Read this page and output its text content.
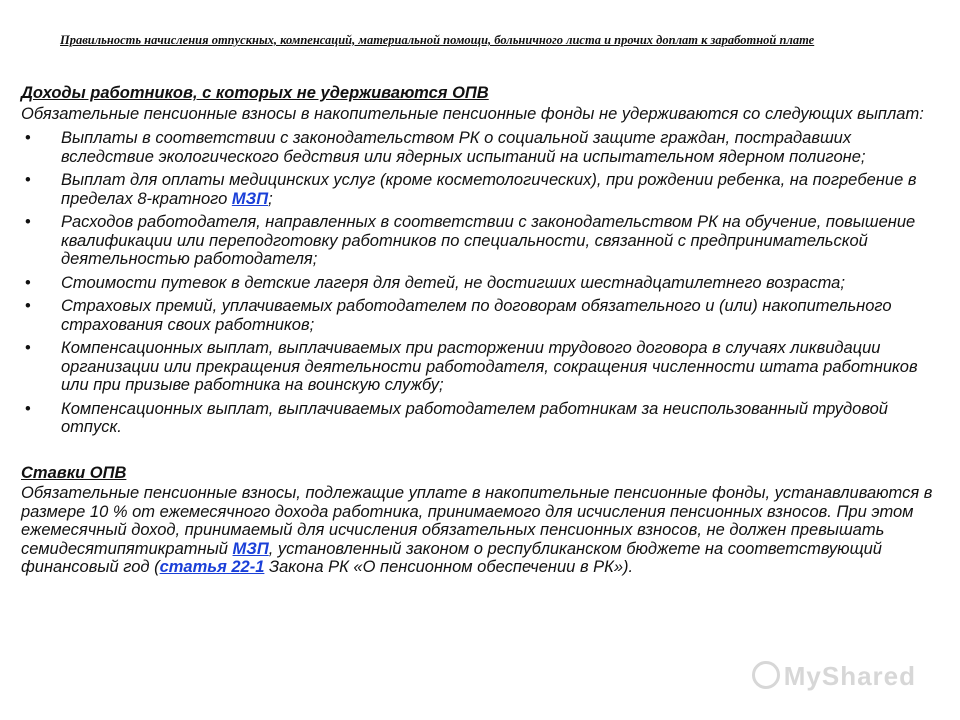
Правильность начисления отпускных, компенсаций, материальной помощи, больничного листа и прочих доплат к заработной плате
Доходы работников, с которых не удерживаются ОПВ

Обязательные пенсионные взносы в накопительные пенсионные фонды не удерживаются со следующих выплат:

• Выплаты в соответствии с законодательством РК о социальной защите граждан, пострадавших вследствие экологического бедствия или ядерных испытаний на испытательном ядерном полигоне;
• Выплат для оплаты медицинских услуг (кроме косметологических), при рождении ребенка, на погребение в пределах 8-кратного МЗП;
• Расходов работодателя, направленных в соответствии с законодательством РК на обучение, повышение квалификации или переподготовку работников по специальности, связанной с предпринимательской деятельностью работодателя;
• Стоимости путевок в детские лагеря для детей, не достигших шестнадцатилетнего возраста;
• Страховых премий, уплачиваемых работодателем по договорам обязательного и (или) накопительного страхования своих работников;
• Компенсационных выплат, выплачиваемых при расторжении трудового договора в случаях ликвидации организации или прекращения деятельности работодателя, сокращения численности штата работников или при призыве работника на воинскую службу;
• Компенсационных выплат, выплачиваемых работодателем работникам за неиспользованный трудовой отпуск.
Ставки ОПВ

Обязательные пенсионные взносы, подлежащие уплате в накопительные пенсионные фонды, устанавливаются в размере 10 % от ежемесячного дохода работника, принимаемого для исчисления пенсионных взносов. При этом ежемесячный доход, принимаемый для исчисления обязательных пенсионных взносов, не должен превышать семидесятипятикратный МЗП, установленный законом о республиканском бюджете на соответствующий финансовый год (статья 22-1 Закона РК «О пенсионном обеспечении в РК»).

MyShared
